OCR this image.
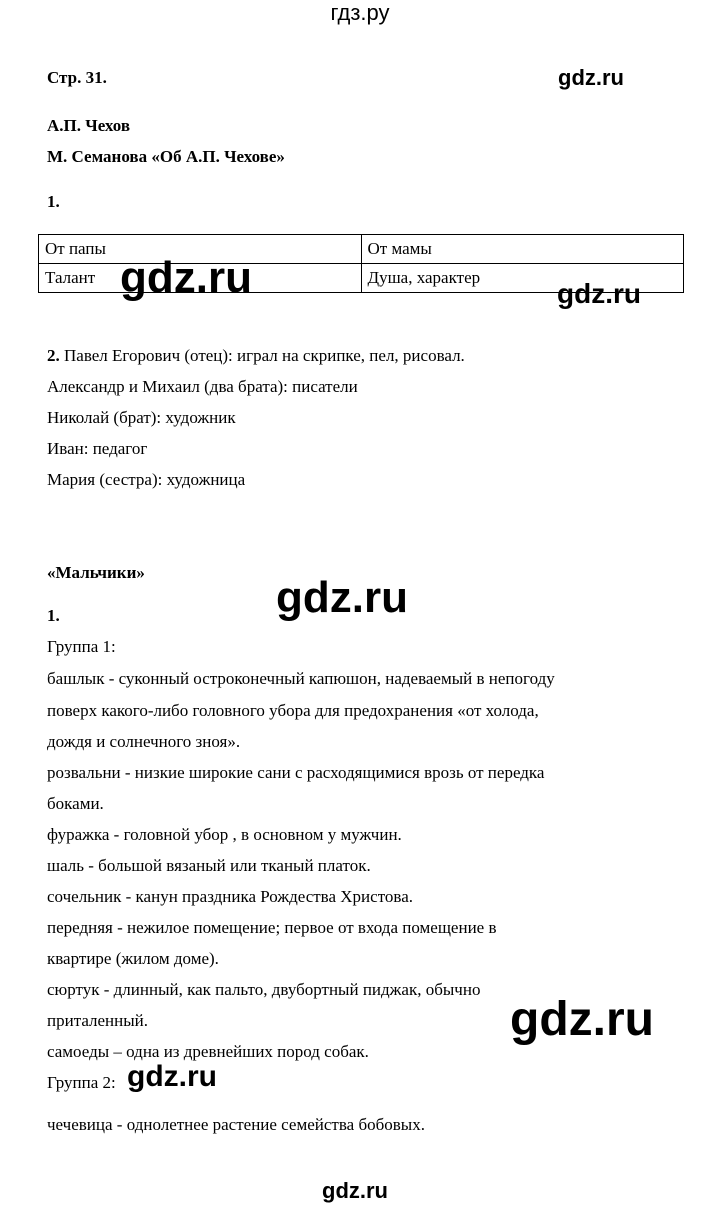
гдз.ру
gdz.ru
Стр. 31.
А.П. Чехов
М. Семанова «Об А.П. Чехове»
1.
От папы	От мамы
Талант	Душа, характер
gdz.ru	gdz.ru
2. Павел Егорович (отец): играл на скрипке, пел, рисовал.
Александр и Михаил (два брата): писатели
Николай (брат): художник
Иван: педагог
Мария (сестра): художница
«Мальчики»
gdz.ru
1.
Группа 1:
башлык - суконный остроконечный капюшон, надеваемый в непогоду
поверх какого-либо головного убора для предохранения «от холода,
дождя и солнечного зноя».
розвальни - низкие широкие сани с расходящимися врозь от передка
боками.
фуражка - головной убор , в основном у мужчин.
шаль - большой вязаный или тканый платок.
сочельник - канун праздника Рождества Христова.
передняя - нежилое помещение; первое от входа помещение в
квартире (жилом доме).
сюртук - длинный, как пальто, двубортный пиджак, обычно
приталенный.
самоеды – одна из древнейших пород собак.
Группа 2:
чечевица - однолетнее растение семейства бобовых.
gdz.ru
gdz.ru
gdz.ru
